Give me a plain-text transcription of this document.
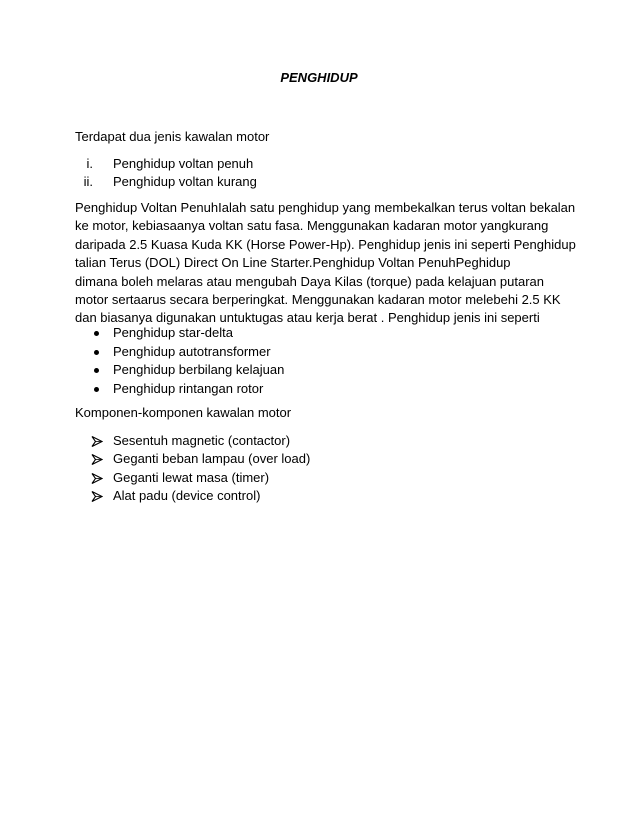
PENGHIDUP
Terdapat dua jenis kawalan motor
i. Penghidup voltan penuh
ii. Penghidup voltan kurang
Penghidup Voltan PenuhIalah satu penghidup yang membekalkan terus voltan bekalan
ke motor, kebiasaanya voltan satu fasa. Menggunakan kadaran motor yangkurang
daripada 2.5 Kuasa Kuda KK (Horse Power-Hp). Penghidup jenis ini seperti Penghidup
talian Terus (DOL) Direct On Line Starter.Penghidup Voltan PenuhPeghidup
dimana boleh melaras atau mengubah Daya Kilas (torque) pada kelajuan putaran
motor sertaarus secara berperingkat. Menggunakan kadaran motor melebehi 2.5 KK
dan biasanya digunakan untuktugas atau kerja berat . Penghidup jenis ini seperti
Penghidup star-delta
Penghidup autotransformer
Penghidup berbilang kelajuan
Penghidup rintangan rotor
Komponen-komponen kawalan motor
Sesentuh magnetic (contactor)
Geganti beban lampau (over load)
Geganti lewat masa (timer)
Alat padu (device control)
